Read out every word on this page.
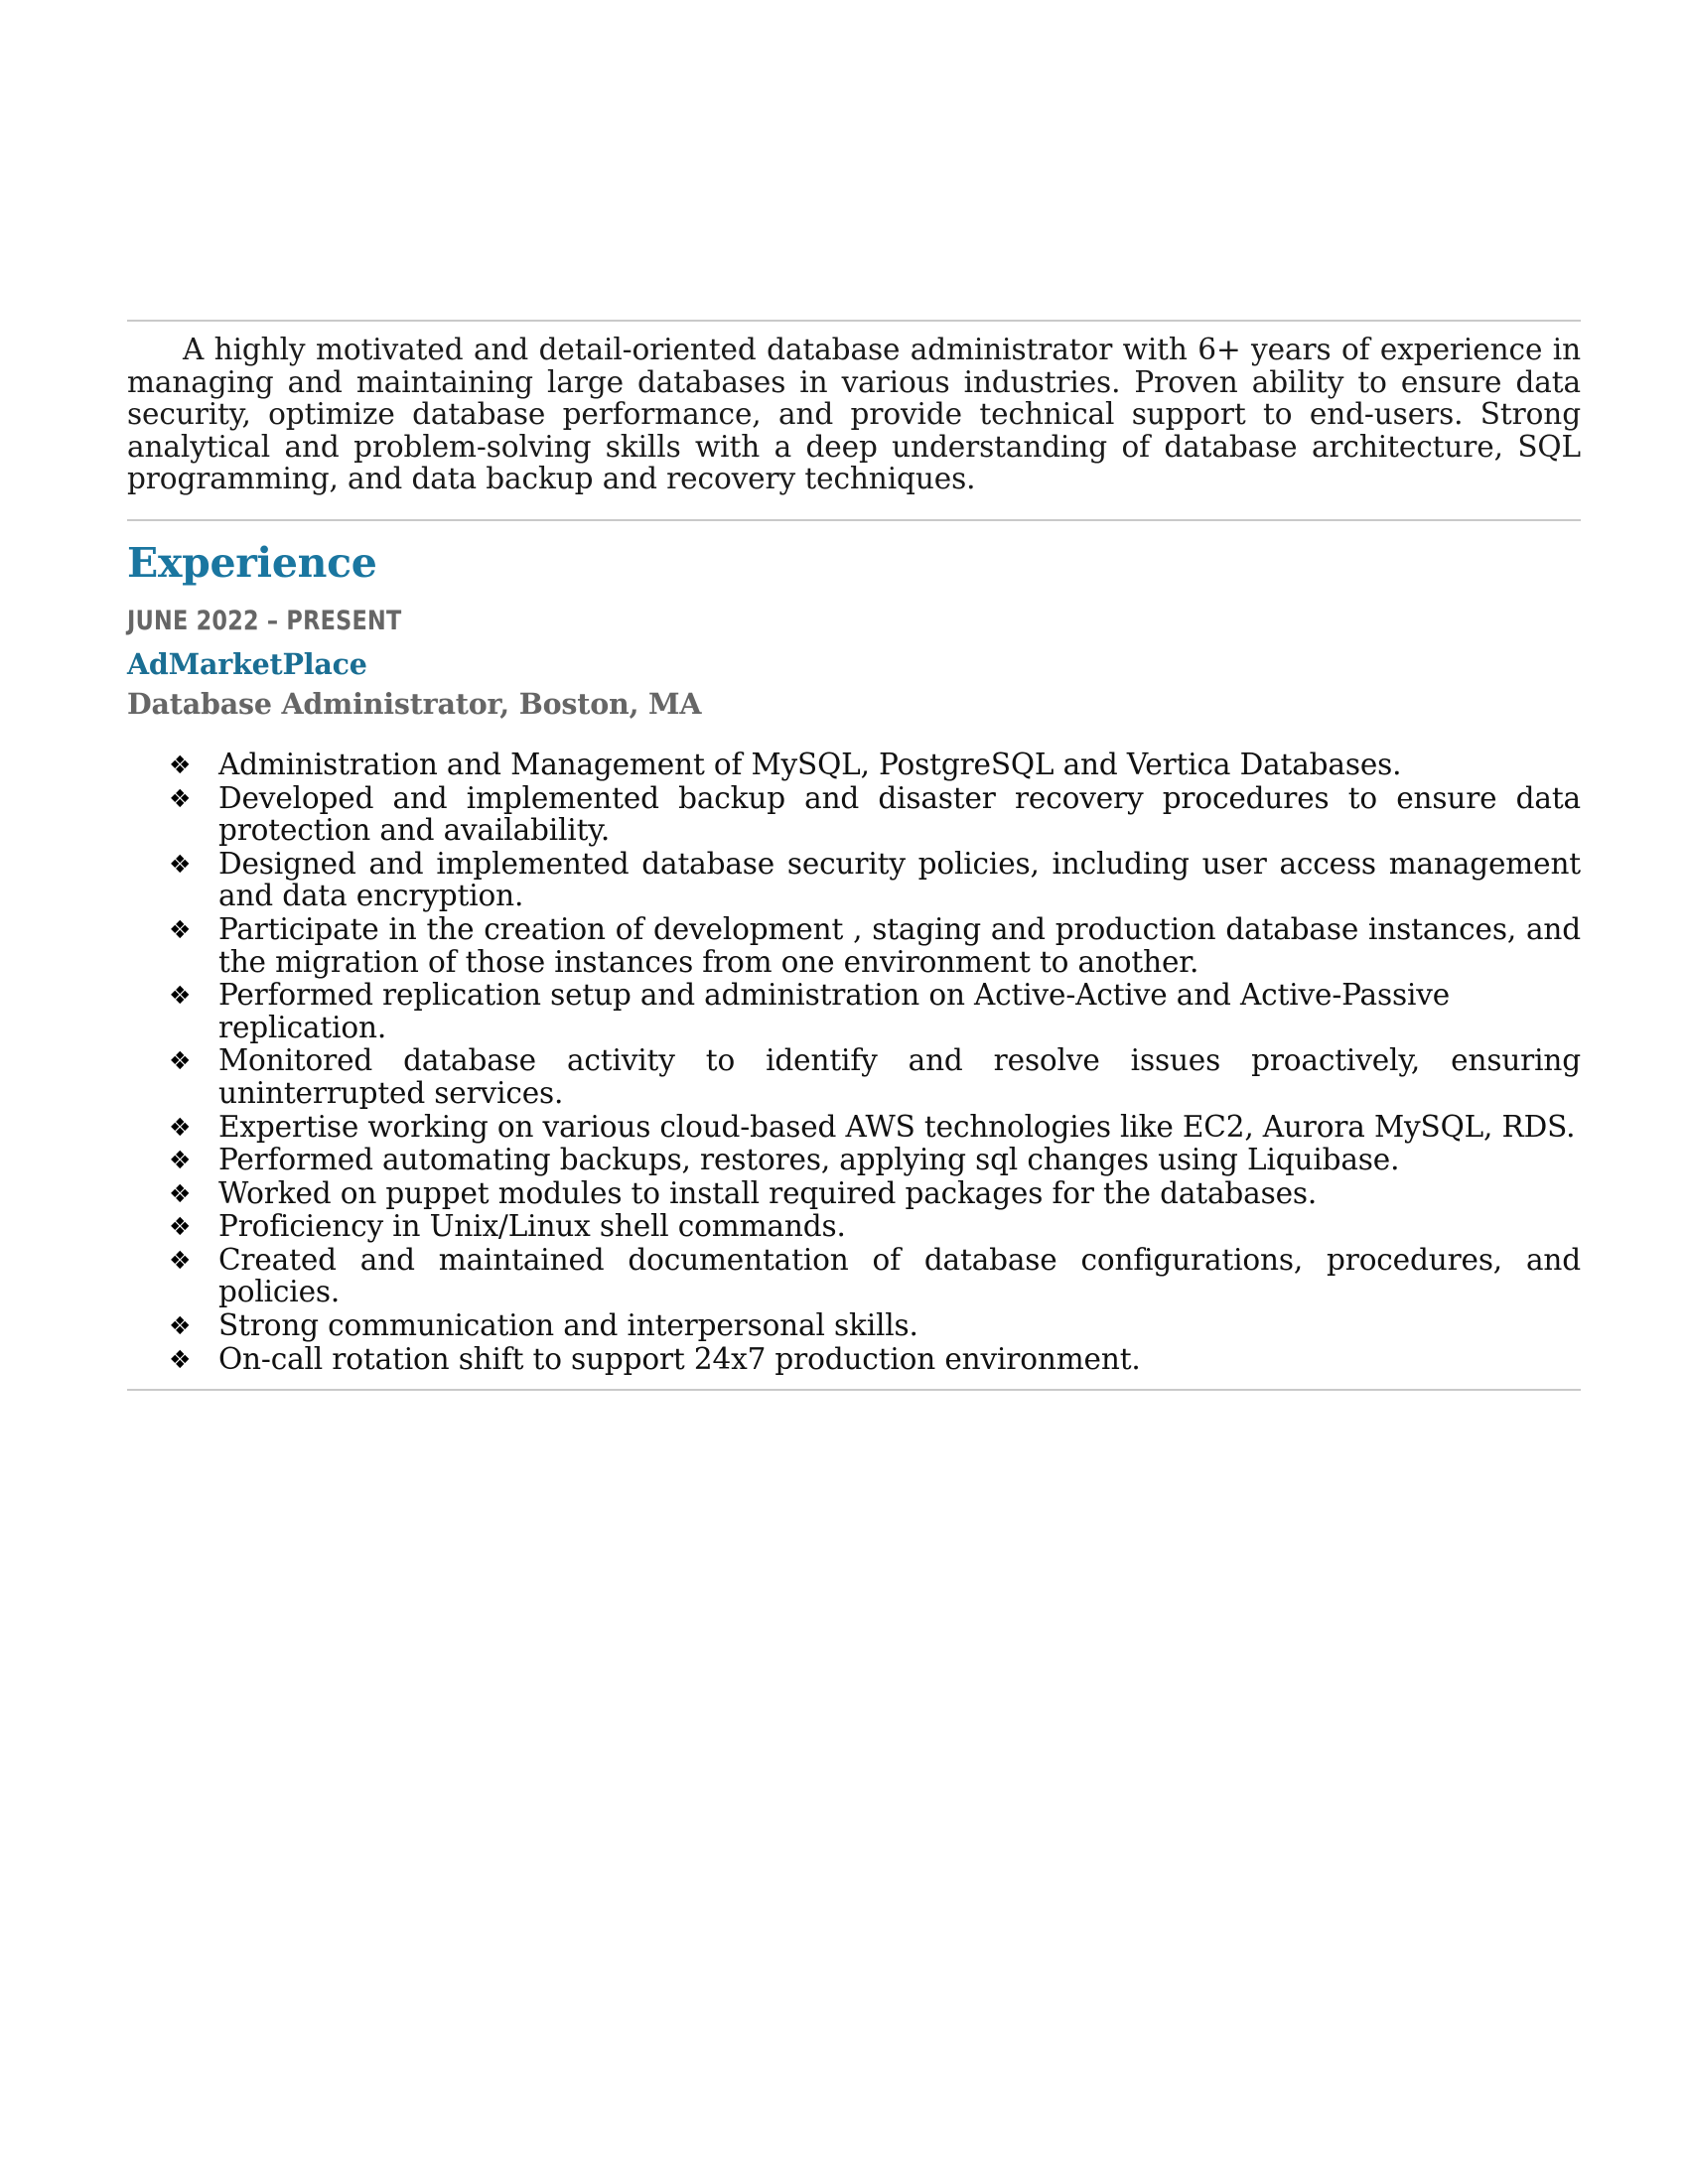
A highly motivated and detail-oriented database administrator with 6+ years of experience in managing and maintaining large databases in various industries. Proven ability to ensure data security, optimize database performance, and provide technical support to end-users. Strong analytical and problem-solving skills with a deep understanding of database architecture, SQL programming, and data backup and recovery techniques.

Experience
JUNE 2022 – PRESENT
AdMarketPlace
Database Administrator, Boston, MA
❖ Administration and Management of MySQL, PostgreSQL and Vertica Databases.
❖ Developed and implemented backup and disaster recovery procedures to ensure data protection and availability.
❖ Designed and implemented database security policies, including user access management and data encryption.
❖ Participate in the creation of development , staging and production database instances, and the migration of those instances from one environment to another.
❖ Performed replication setup and administration on Active-Active and Active-Passive replication.
❖ Monitored database activity to identify and resolve issues proactively, ensuring uninterrupted services.
❖ Expertise working on various cloud-based AWS technologies like EC2, Aurora MySQL, RDS.
❖ Performed automating backups, restores, applying sql changes using Liquibase.
❖ Worked on puppet modules to install required packages for the databases.
❖ Proficiency in Unix/Linux shell commands.
❖ Created and maintained documentation of database configurations, procedures, and policies.
❖ Strong communication and interpersonal skills.
❖ On-call rotation shift to support 24x7 production environment.
